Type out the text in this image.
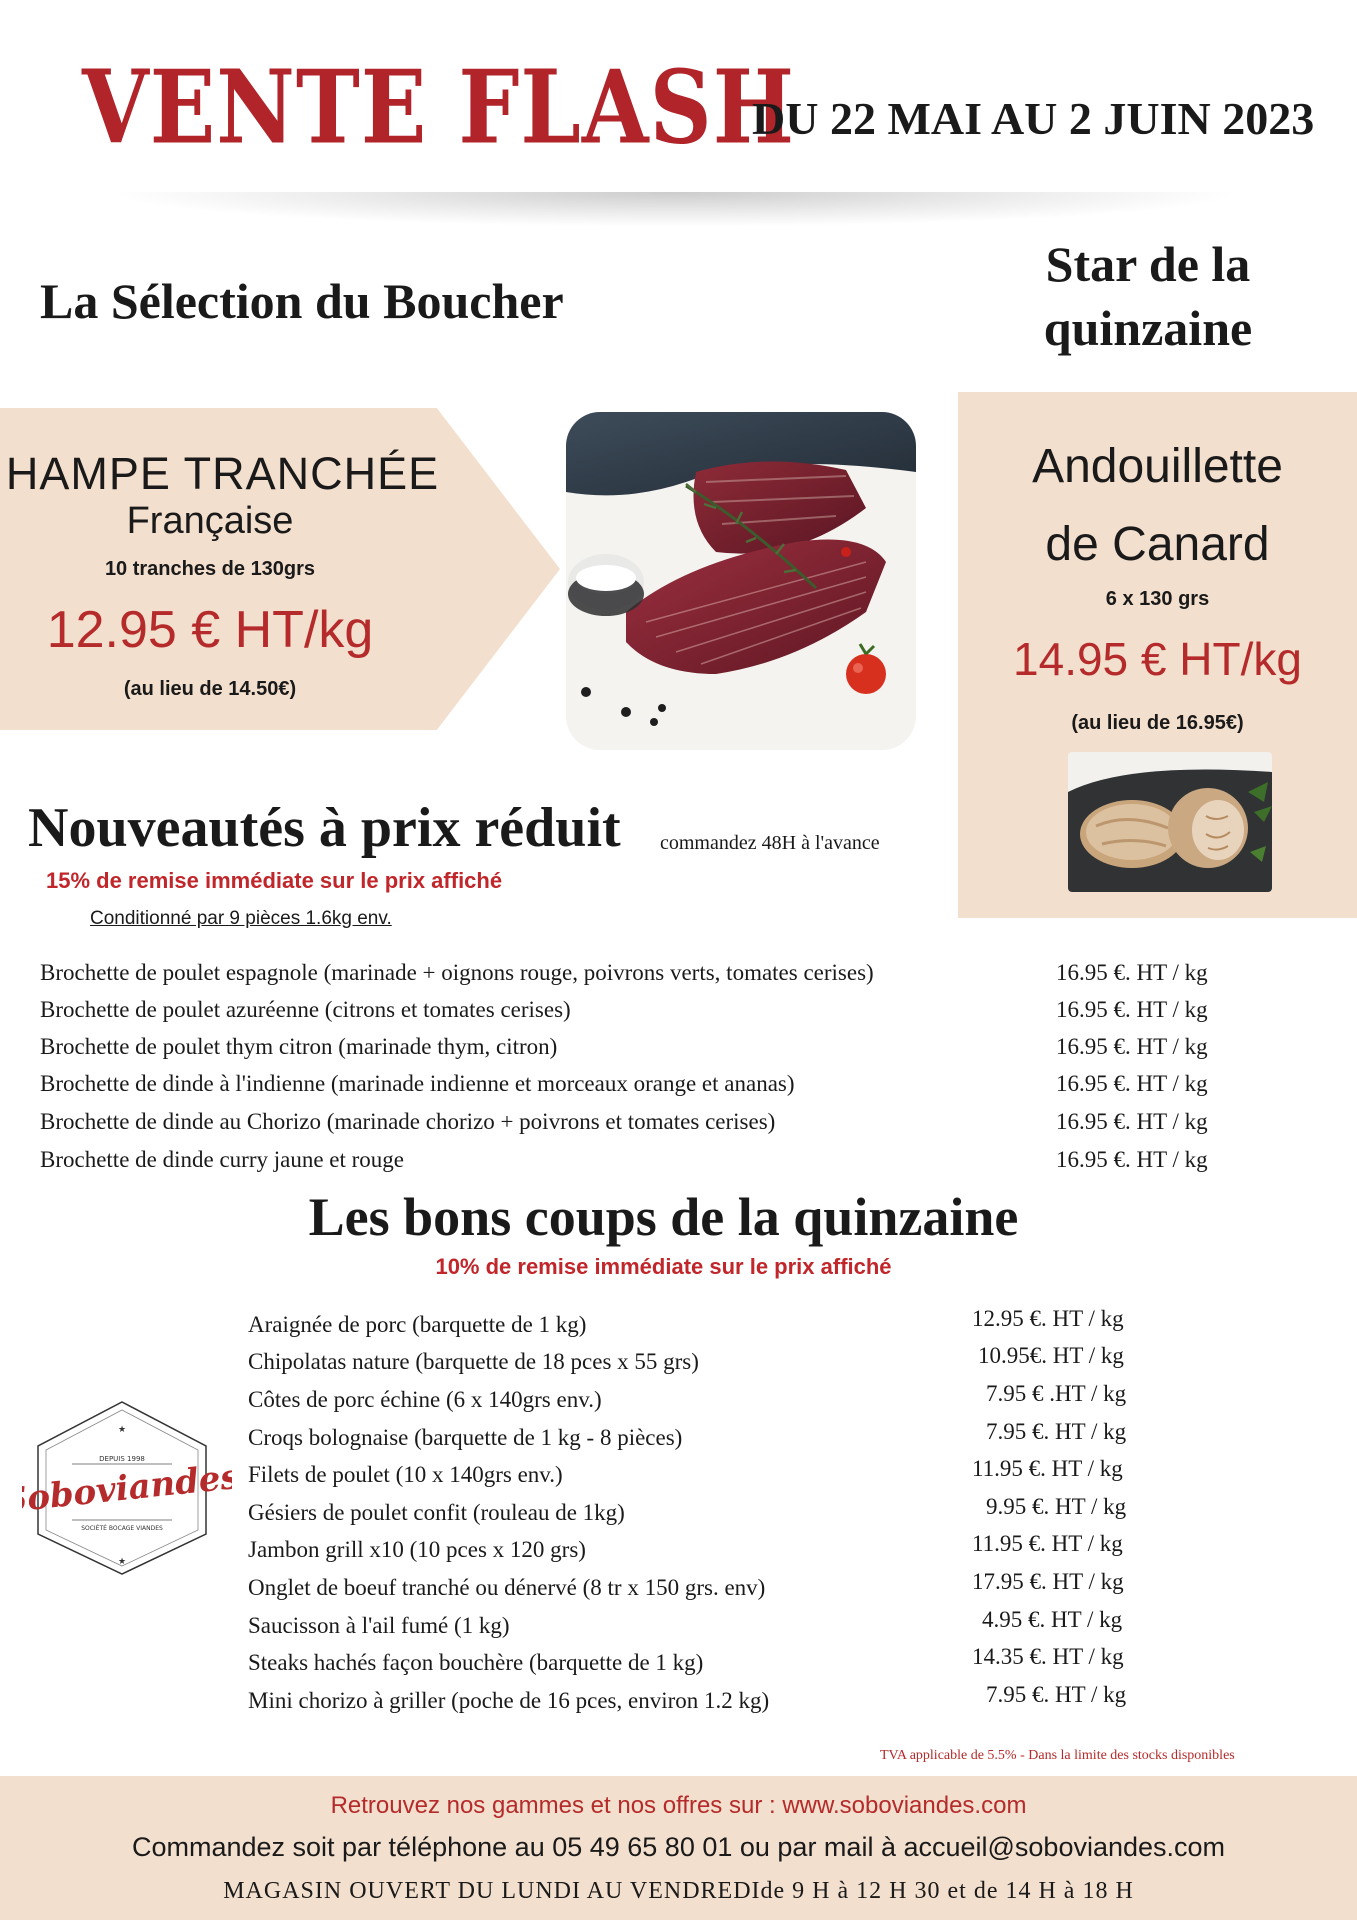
VENTE FLASH
DU 22 MAI AU 2 JUIN 2023
La Sélection du Boucher
HAMPE TRANCHÉE
Française
10 tranches de 130grs
12.95 € HT/kg
(au lieu de 14.50€)
Star de la quinzaine
Andouillette
de Canard
6 x 130 grs
14.95 € HT/kg
(au lieu de 16.95€)
Nouveautés à prix réduit commandez 48H à l'avance
15% de remise immédiate sur le prix affiché
Conditionné par 9 pièces 1.6kg env.
Brochette de poulet espagnole (marinade + oignons rouge, poivrons verts, tomates cerises)	16.95 €. HT / kg
Brochette de poulet azuréenne (citrons et tomates cerises)	16.95 €. HT / kg
Brochette de poulet thym citron (marinade thym, citron)	16.95 €. HT / kg
Brochette de dinde à l'indienne (marinade indienne et morceaux orange et ananas)	16.95 €. HT / kg
Brochette de dinde au Chorizo (marinade chorizo + poivrons et tomates cerises)	16.95 €. HT / kg
Brochette de dinde curry jaune et rouge	16.95 €. HT / kg
Les bons coups de la quinzaine
10% de remise immédiate sur le prix affiché
Araignée de porc (barquette de 1 kg)	12.95 €. HT / kg
Chipolatas nature (barquette de 18 pces x 55 grs)	10.95€. HT / kg
Côtes de porc échine (6 x 140grs env.)	7.95 € .HT / kg
Croqs bolognaise (barquette de 1 kg - 8 pièces)	7.95 €. HT / kg
Filets de poulet (10 x 140grs env.)	11.95 €. HT / kg
Gésiers de poulet confit (rouleau de 1kg)	9.95 €. HT / kg
Jambon grill x10 (10 pces x 120 grs)	11.95 €. HT / kg
Onglet de boeuf tranché ou dénervé (8 tr x 150 grs. env)	17.95 €. HT / kg
Saucisson à l'ail fumé (1 kg)	4.95 €. HT / kg
Steaks hachés façon bouchère (barquette de 1 kg)	14.35 €. HT / kg
Mini chorizo à griller (poche de 16 pces, environ 1.2 kg)	7.95 €. HT / kg
★
★
DEPUIS 1998
Soboviandes
SOCIÉTÉ BOCAGE VIANDES
TVA applicable de 5.5% - Dans la limite des stocks disponibles
Retrouvez nos gammes et nos offres sur : www.soboviandes.com
Commandez soit par téléphone au 05 49 65 80 01 ou par mail à accueil@soboviandes.com
MAGASIN OUVERT DU LUNDI AU VENDREDIde 9 H à 12 H 30 et de 14 H à 18 H
